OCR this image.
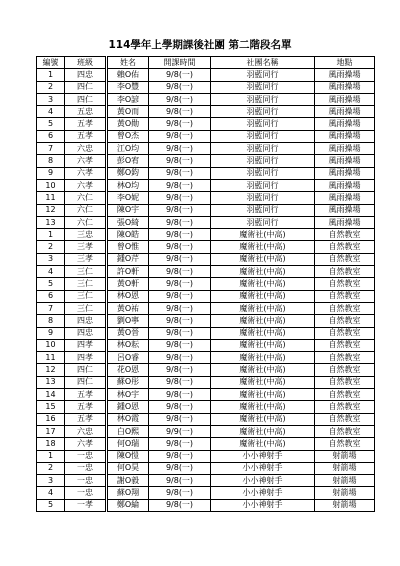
114學年上學期課後社團 第二階段名單
編號	班級	姓名	開課時間	社團名稱	地點
1	四忠	賴O佑	9/8(一)	羽藍同行	風雨操場
2	四仁	李O豐	9/8(一)	羽藍同行	風雨操場
3	四仁	李O諺	9/8(一)	羽藍同行	風雨操場
4	五忠	黃O而	9/8(一)	羽藍同行	風雨操場
5	五孝	黃O勛	9/8(一)	羽藍同行	風雨操場
6	五孝	曾O杰	9/8(一)	羽藍同行	風雨操場
7	六忠	江O均	9/8(一)	羽藍同行	風雨操場
8	六孝	彭O宥	9/8(一)	羽藍同行	風雨操場
9	六孝	鄭O鈞	9/8(一)	羽藍同行	風雨操場
10	六孝	林O均	9/8(一)	羽藍同行	風雨操場
11	六仁	李O妮	9/8(一)	羽藍同行	風雨操場
12	六仁	陳O宇	9/8(一)	羽藍同行	風雨操場
13	六仁	張O綺	9/8(一)	羽藍同行	風雨操場
1	三忠	陳O皓	9/8(一)	魔術社(中高)	自然教室
2	三孝	曾O惟	9/8(一)	魔術社(中高)	自然教室
3	三孝	鍾O芹	9/8(一)	魔術社(中高)	自然教室
4	三仁	許O軒	9/8(一)	魔術社(中高)	自然教室
5	三仁	黃O軒	9/8(一)	魔術社(中高)	自然教室
6	三仁	林O恩	9/8(一)	魔術社(中高)	自然教室
7	三仁	黃O祐	9/8(一)	魔術社(中高)	自然教室
8	四忠	劉O寧	9/8(一)	魔術社(中高)	自然教室
9	四忠	黃O晉	9/8(一)	魔術社(中高)	自然教室
10	四孝	林O耘	9/8(一)	魔術社(中高)	自然教室
11	四孝	呂O睿	9/8(一)	魔術社(中高)	自然教室
12	四仁	花O恩	9/8(一)	魔術社(中高)	自然教室
13	四仁	蘇O彤	9/8(一)	魔術社(中高)	自然教室
14	五孝	林O宇	9/8(一)	魔術社(中高)	自然教室
15	五孝	鍾O恩	9/8(一)	魔術社(中高)	自然教室
16	五孝	林O霞	9/8(一)	魔術社(中高)	自然教室
17	六忠	白O熙	9/9(一)	魔術社(中高)	自然教室
18	六孝	何O瑞	9/8(一)	魔術社(中高)	自然教室
1	一忠	陳O愷	9/8(一)	小小神射手	射箭場
2	一忠	何O昊	9/8(一)	小小神射手	射箭場
3	一忠	謝O毅	9/8(一)	小小神射手	射箭場
4	一忠	蘇O翔	9/8(一)	小小神射手	射箭場
5	一孝	鄭O綸	9/8(一)	小小神射手	射箭場
